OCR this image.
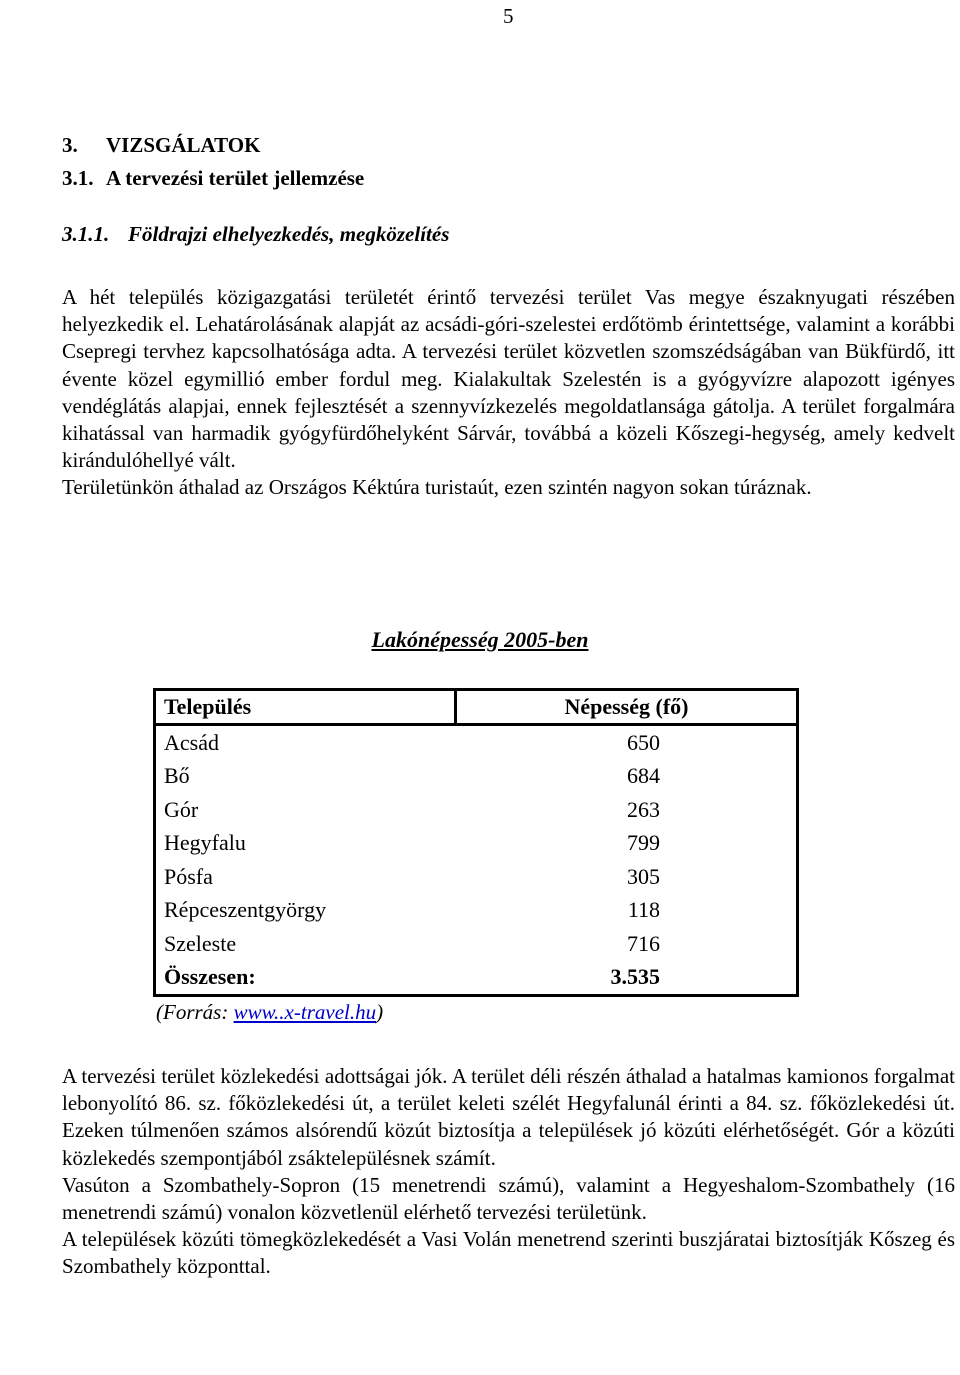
5
3. VIZSGÁLATOK
3.1. A tervezési terület jellemzése
3.1.1. Földrajzi elhelyezkedés, megközelítés
A hét település közigazgatási területét érintő tervezési terület Vas megye északnyugati részében helyezkedik el. Lehatárolásának alapját az acsádi-góri-szelestei erdőtömb érintettsége, valamint a korábbi Csepregi tervhez kapcsolhatósága adta. A tervezési terület közvetlen szomszédságában van Bükfürdő, itt évente közel egymillió ember fordul meg. Kialakultak Szelestén is a gyógyvízre alapozott igényes vendéglátás alapjai, ennek fejlesztését a szennyvízkezelés megoldatlansága gátolja. A terület forgalmára kihatással van harmadik gyógyfürdőhelyként Sárvár, továbbá a közeli Kőszegi-hegység, amely kedvelt kirándulóhellyé vált.
Területünkön áthalad az Országos Kéktúra turistaút, ezen szintén nagyon sokan túráznak.
Lakónépesség 2005-ben
Település	Népesség (fő)
Acsád	650
Bő	684
Gór	263
Hegyfalu	799
Pósfa	305
Répceszentgyörgy	118
Szeleste	716
Összesen:	3.535
(Forrás: www..x-travel.hu)
A tervezési terület közlekedési adottságai jók. A terület déli részén áthalad a hatalmas kamionos forgalmat lebonyolító 86. sz. főközlekedési út, a terület keleti szélét Hegyfalunál érinti a 84. sz. főközlekedési út. Ezeken túlmenően számos alsórendű közút biztosítja a települések jó közúti elérhetőségét. Gór a közúti közlekedés szempontjából zsáktelepülésnek számít.
Vasúton a Szombathely-Sopron (15 menetrendi számú), valamint a Hegyeshalom-Szombathely (16 menetrendi számú) vonalon közvetlenül elérhető tervezési területünk.
A települések közúti tömegközlekedését a Vasi Volán menetrend szerinti buszjáratai biztosítják Kőszeg és Szombathely központtal.
